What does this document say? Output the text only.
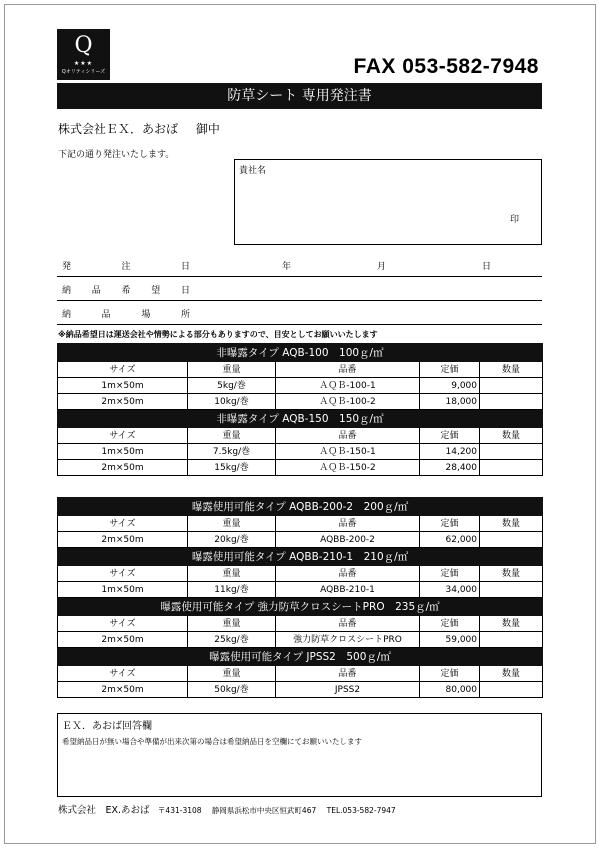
Q
★★★
Qオリティシリーズ	FAX 053-582-7948
防草シート 専用発注書
株式会社ＥＸ．あおば 御中
下記の通り発注いたします。
貴社名
印
発	注	日	年	月	日
納 品 希 望 日
納	品	場	所
※納品希望日は運送会社や情勢による部分もありますので、目安としてお願いいたします
非曝露タイプ AQB-100　100ｇ/㎡				
サイズ	重量	品番	定価	数量
1m×50m	5kg/巻	ＡＱＢ-100-1	9,000	
2m×50m	10kg/巻	ＡＱＢ-100-2	18,000	
非曝露タイプ AQB-150　150ｇ/㎡				
サイズ	重量	品番	定価	数量
1m×50m	7.5kg/巻	ＡＱＢ-150-1	14,200	
2m×50m	15kg/巻	ＡＱＢ-150-2	28,400	
曝露使用可能タイプ AQBB-200-2　200ｇ/㎡				
サイズ	重量	品番	定価	数量
2m×50m	20kg/巻	AQBB-200-2	62,000	
曝露使用可能タイプ AQBB-210-1　210ｇ/㎡				
サイズ	重量	品番	定価	数量
1m×50m	11kg/巻	AQBB-210-1	34,000	
曝露使用可能タイプ 強力防草クロスシートPRO　235ｇ/㎡				
サイズ	重量	品番	定価	数量
2m×50m	25kg/巻	強力防草クロスシートPRO	59,000	
曝露使用可能タイプ JPSS2　500ｇ/㎡				
サイズ	重量	品番	定価	数量
2m×50m	50kg/巻	JPSS2	80,000	
ＥＸ．あおば回答欄
希望納品日が無い場合や準備が出来次第の場合は希望納品日を空欄にてお願いいたします
株式会社　EX.あおば 〒431-3108 静岡県浜松市中央区恒武町467 TEL.053-582-7947
